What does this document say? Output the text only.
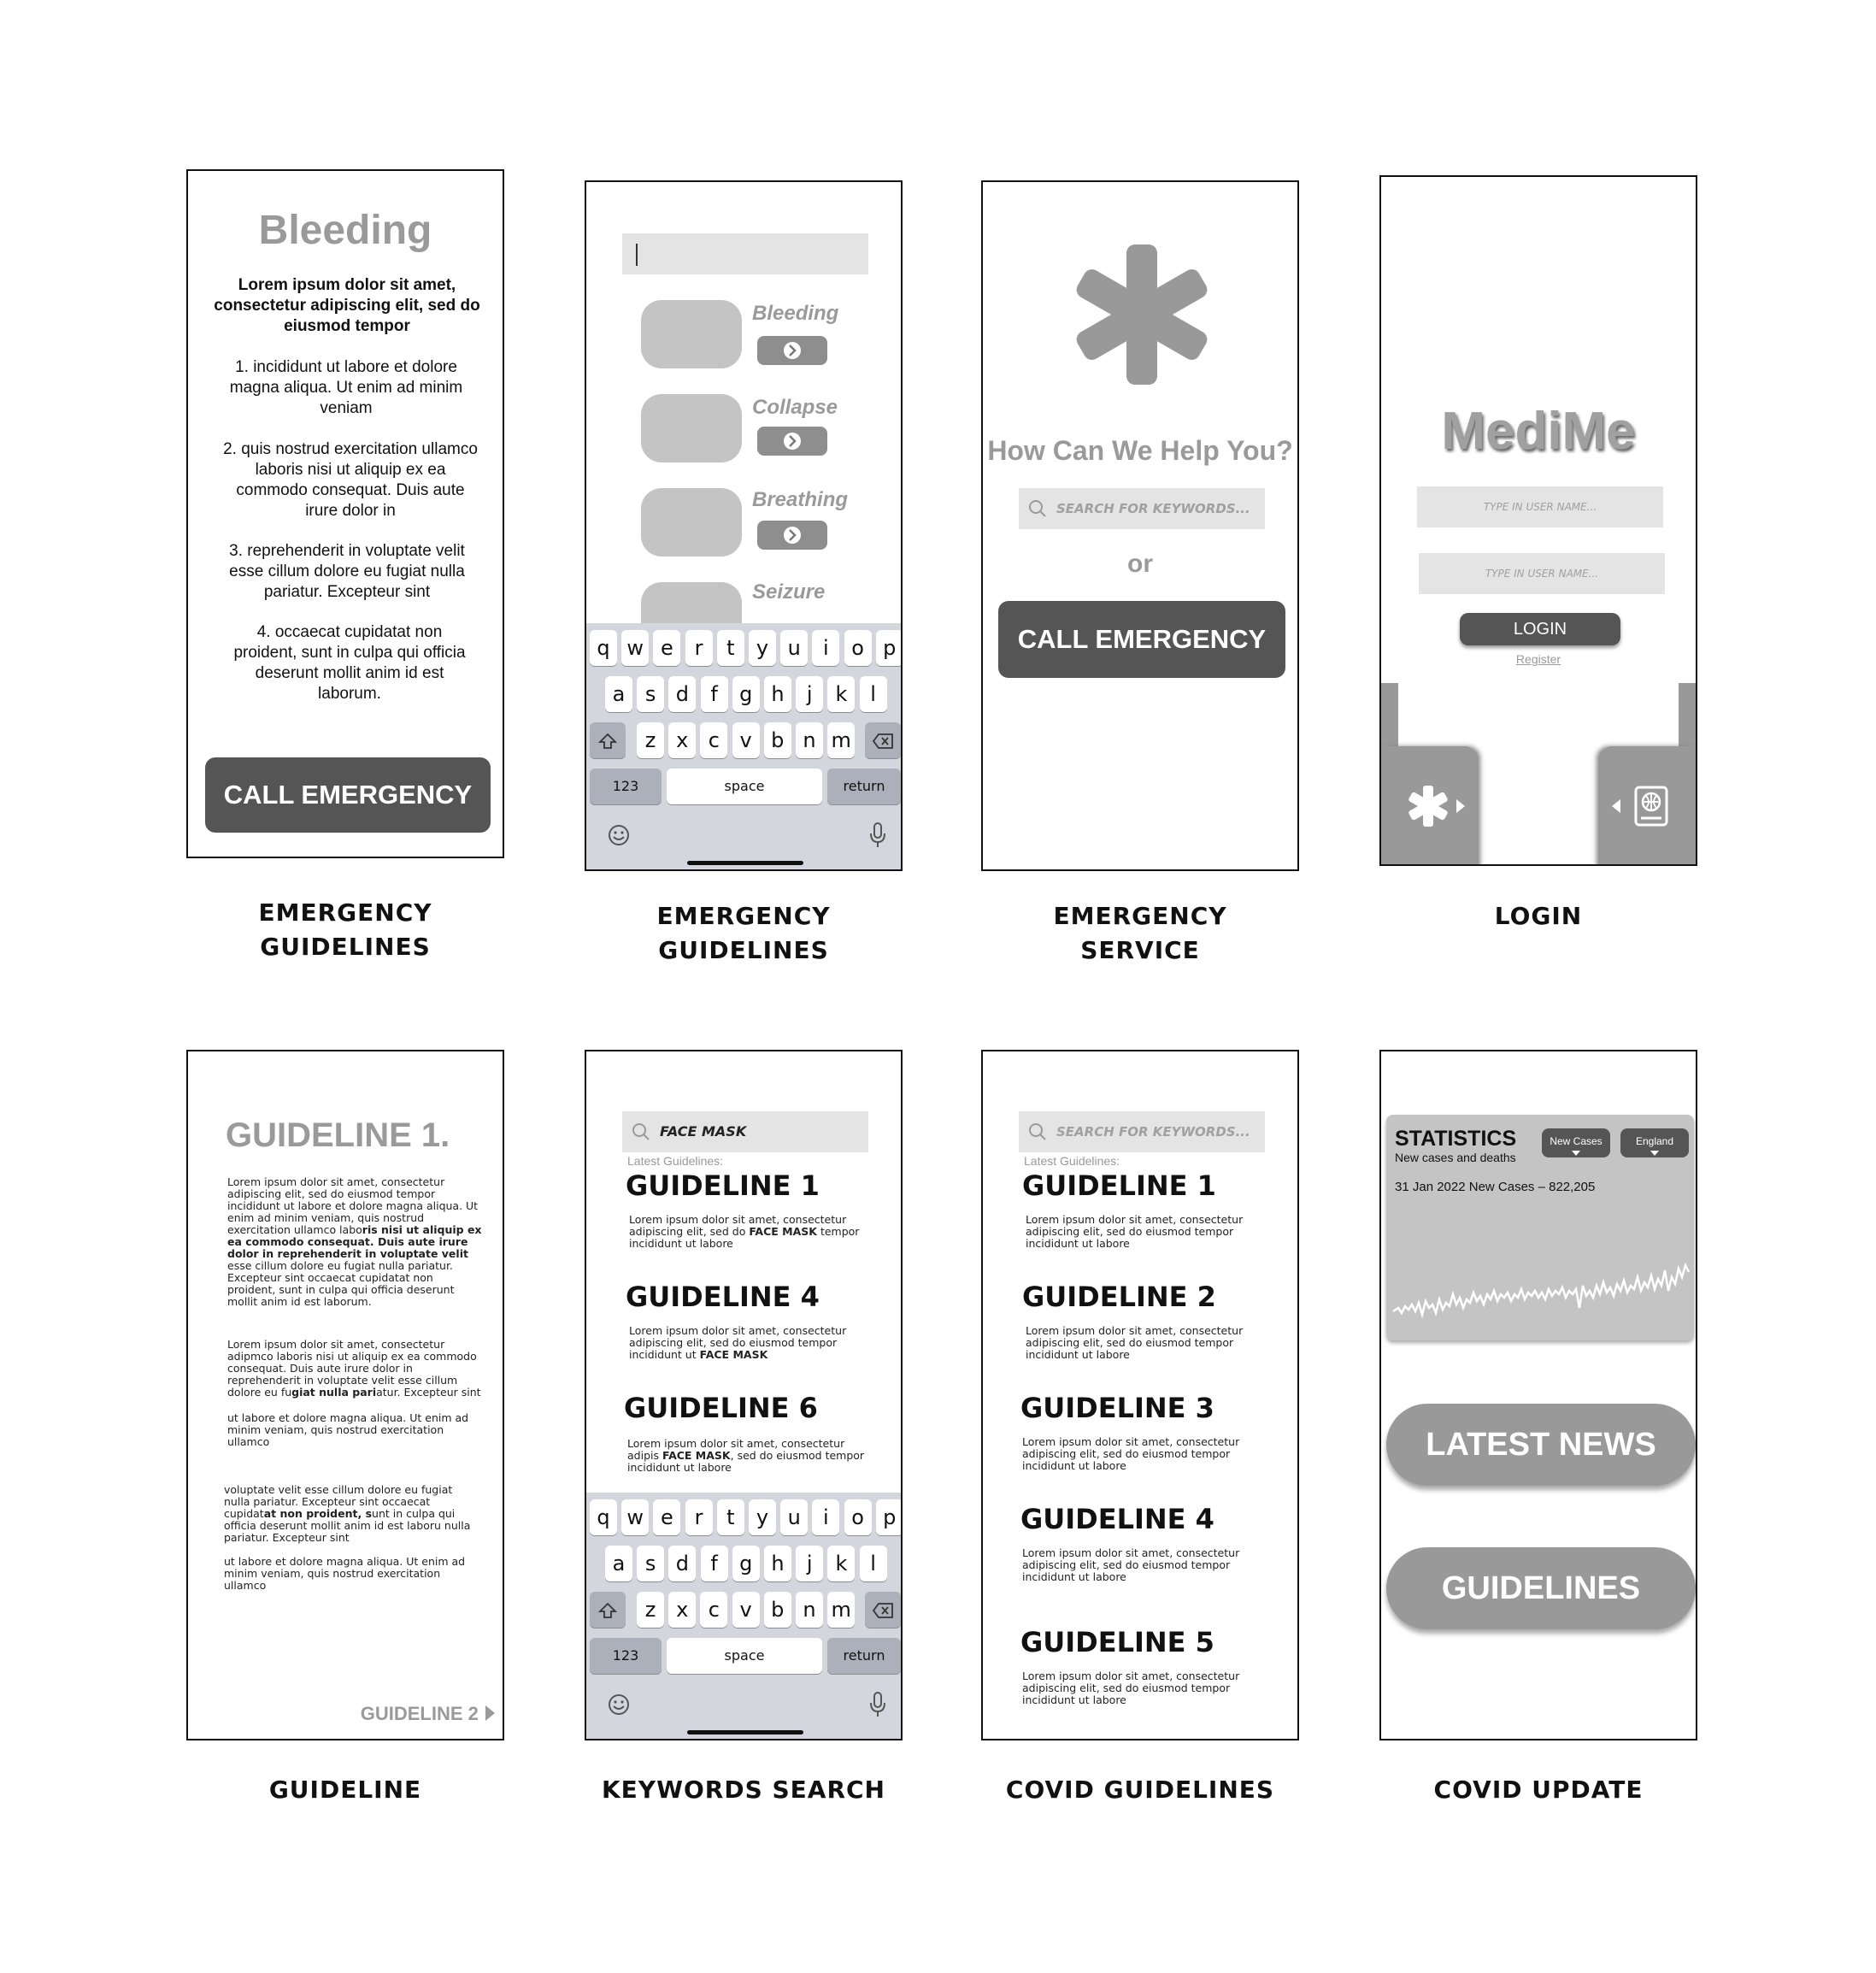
Bleeding
Lorem ipsum dolor sit amet, consectetur adipiscing elit, sed do eiusmod tempor
1. incididunt ut labore et dolore magna aliqua. Ut enim ad minim veniam
2. quis nostrud exercitation ullamco laboris nisi ut aliquip ex ea commodo consequat. Duis aute irure dolor in
3. reprehenderit in voluptate velit esse cillum dolore eu fugiat nulla pariatur. Excepteur sint
4. occaecat cupidatat non proident, sunt in culpa qui officia deserunt mollit anim id est laborum.
CALL EMERGENCY
EMERGENCY
GUIDELINES
Bleeding
Collapse
Breathing
Seizure
q w e	r	t	y u	i	o p
a s d	f	g h	j	k	l
z x c v b n m
123	space	return
EMERGENCY
GUIDELINES
How Can We Help You?
SEARCH FOR KEYWORDS...
or
CALL EMERGENCY
EMERGENCY
SERVICE
MediMe
TYPE IN USER NAME...
TYPE IN USER NAME...
LOGIN
Register
LOGIN
GUIDELINE 1.
Lorem ipsum dolor sit amet, consectetur adipiscing elit, sed do eiusmod tempor incididunt ut labore et dolore magna aliqua. Ut enim ad minim veniam, quis nostrud exercitation ullamco laboris nisi ut aliquip ex ea commodo consequat. Duis aute irure dolor in reprehenderit in voluptate velit esse cillum dolore eu fugiat nulla pariatur. Excepteur sint occaecat cupidatat non proident, sunt in culpa qui officia deserunt mollit anim id est laborum.
Lorem ipsum dolor sit amet, consectetur adipmco laboris nisi ut aliquip ex ea commodo consequat. Duis aute irure dolor in reprehenderit in voluptate velit esse cillum dolore eu fugiat nulla pariatur. Excepteur sint
ut labore et dolore magna aliqua. Ut enim ad minim veniam, quis nostrud exercitation ullamco
voluptate velit esse cillum dolore eu fugiat nulla pariatur. Excepteur sint occaecat cupidatat non proident, sunt in culpa qui officia deserunt mollit anim id est laboru nulla pariatur. Excepteur sint
ut labore et dolore magna aliqua. Ut enim ad minim veniam, quis nostrud exercitation ullamco
GUIDELINE 2
GUIDELINE
FACE MASK
Latest Guidelines:
GUIDELINE 1
Lorem ipsum dolor sit amet, consectetur adipiscing elit, sed do FACE MASK tempor incididunt ut labore
GUIDELINE 4
Lorem ipsum dolor sit amet, consectetur adipiscing elit, sed do eiusmod tempor incididunt ut FACE MASK
GUIDELINE 6
Lorem ipsum dolor sit amet, consectetur adipis FACE MASK, sed do eiusmod tempor incididunt ut labore
q w e	r	t	y u	i	o p
a s d	f	g h	j	k	l
z x c v b n m
123	space	return
KEYWORDS SEARCH
SEARCH FOR KEYWORDS...
Latest Guidelines:
GUIDELINE 1
Lorem ipsum dolor sit amet, consectetur adipiscing elit, sed do eiusmod tempor incididunt ut labore
GUIDELINE 2
Lorem ipsum dolor sit amet, consectetur adipiscing elit, sed do eiusmod tempor incididunt ut labore
GUIDELINE 3
Lorem ipsum dolor sit amet, consectetur adipiscing elit, sed do eiusmod tempor incididunt ut labore
GUIDELINE 4
Lorem ipsum dolor sit amet, consectetur adipiscing elit, sed do eiusmod tempor incididunt ut labore
GUIDELINE 5
Lorem ipsum dolor sit amet, consectetur adipiscing elit, sed do eiusmod tempor incididunt ut labore
COVID GUIDELINES
STATISTICS
New cases and deaths
New Cases	England
31 Jan 2022 New Cases – 822,205
LATEST NEWS
GUIDELINES
COVID UPDATE
